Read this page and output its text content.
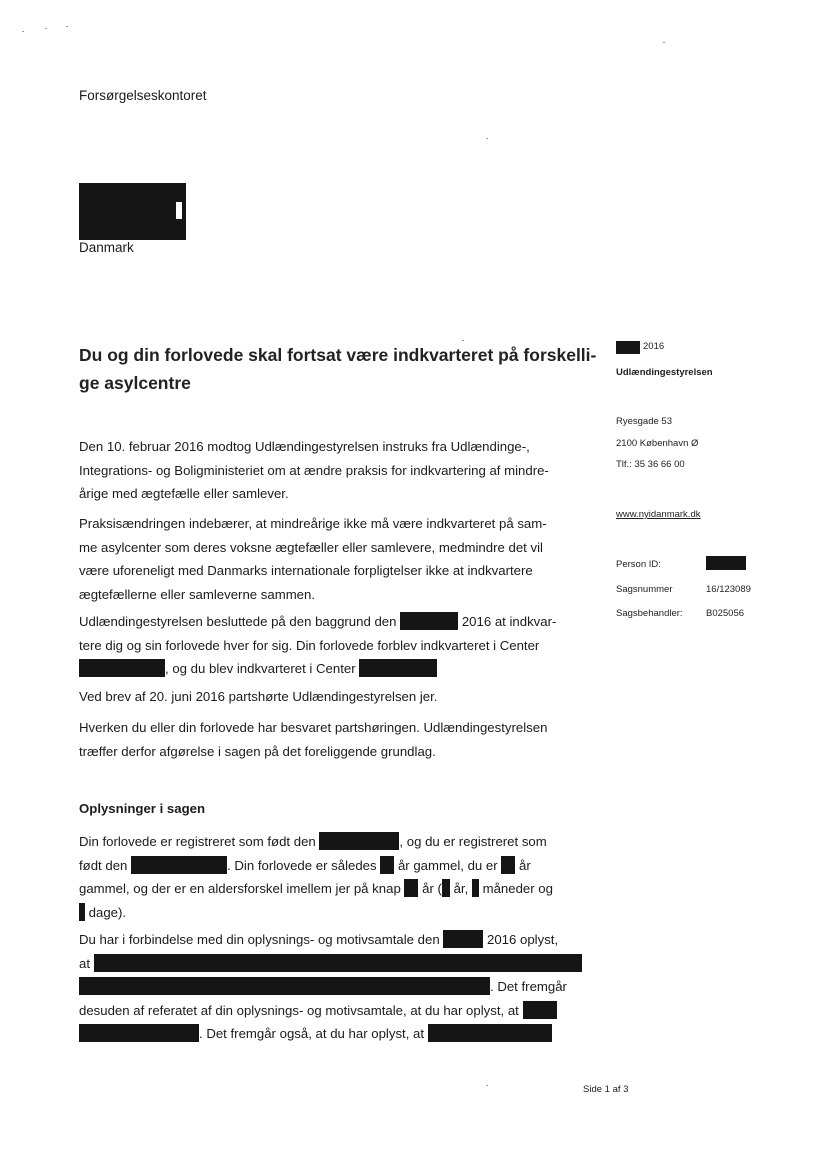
Forsørgelseskontoret
Danmark
Du og din forlovede skal fortsat være indkvarteret på forskelli-
ge asylcentre
2016
Udlændingestyrelsen
Ryesgade 53
2100 København Ø
Tlf.: 35 36 66 00
www.nyidanmark.dk
Person ID:
Sagsnummer	16/123089
Sagsbehandler: B025056
Den 10. februar 2016 modtog Udlændingestyrelsen instruks fra Udlændinge-,
Integrations- og Boligministeriet om at ændre praksis for indkvartering af mindre-
årige med ægtefælle eller samlever.
Praksisændringen indebærer, at mindreårige ikke må være indkvarteret på sam-
me asylcenter som deres voksne ægtefæller eller samlevere, medmindre det vil
være uforeneligt med Danmarks internationale forpligtelser ikke at indkvartere
ægtefællerne eller samleverne sammen.
Udlændingestyrelsen besluttede på den baggrund den	2016 at indkvar-
tere dig og sin forlovede hver for sig. Din forlovede forblev indkvarteret i Center
, og du blev indkvarteret i Center
Ved brev af 20. juni 2016 partshørte Udlændingestyrelsen jer.
Hverken du eller din forlovede har besvaret partshøringen. Udlændingestyrelsen
træffer derfor afgørelse i sagen på det foreliggende grundlag.
Oplysninger i sagen
Din forlovede er registreret som født den	, og du er registreret som
født den	. Din forlovede er således år gammel, du er år
gammel, og der er en aldersforskel imellem jer på knap år ( år, måneder og
dage).
Du har i forbindelse med din oplysnings- og motivsamtale den	2016 oplyst,
at
. Det fremgår
desuden af referatet af din oplysnings- og motivsamtale, at du har oplyst, at
. Det fremgår også, at du har oplyst, at
Side 1 af 3
